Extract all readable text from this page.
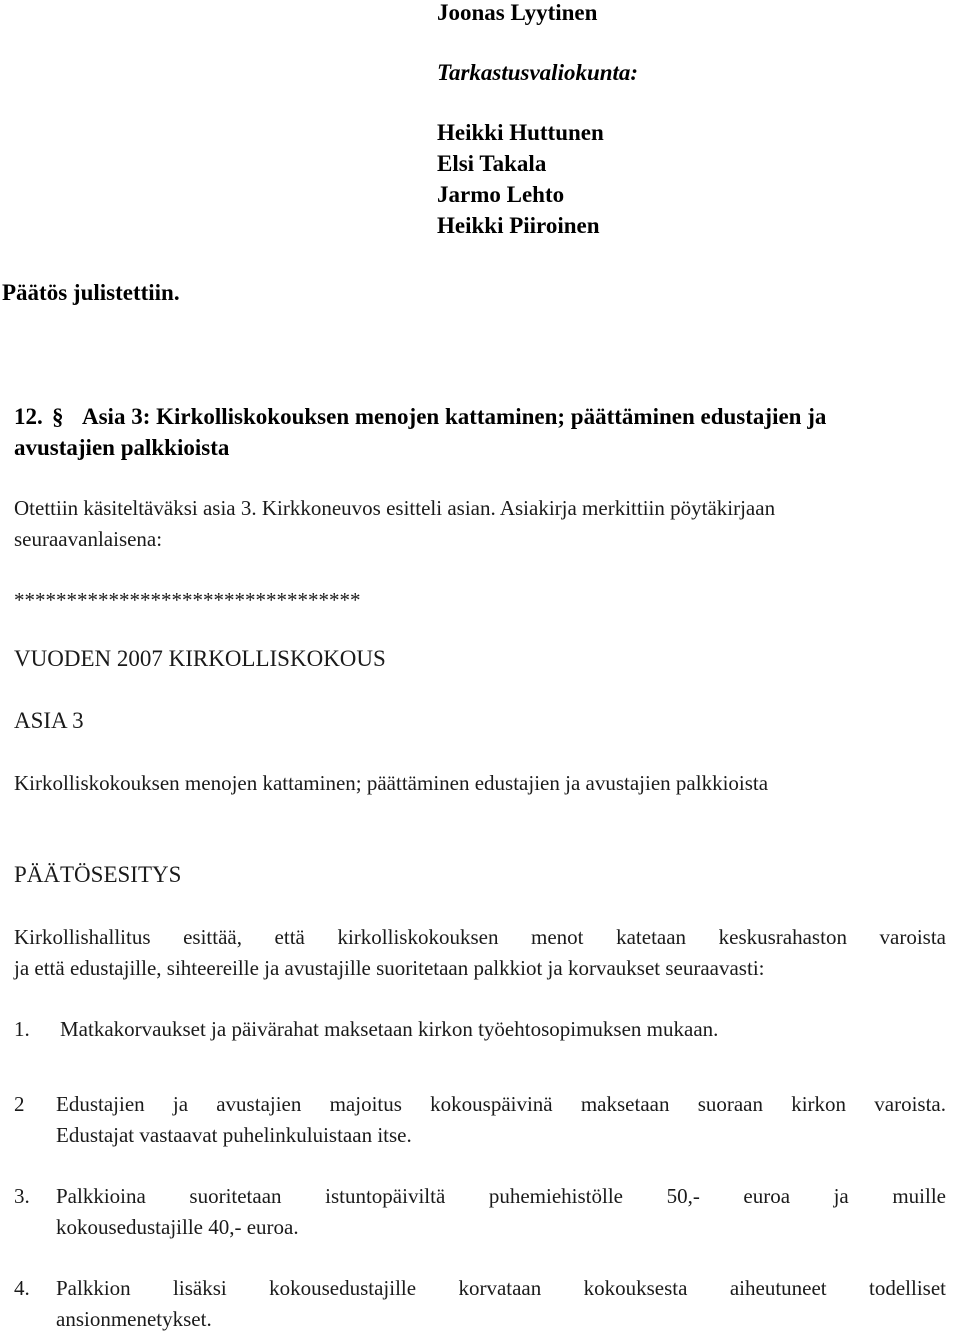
Joonas Lyytinen
Tarkastusvaliokunta:
Heikki Huttunen
Elsi Takala
Jarmo Lehto
Heikki Piiroinen
Päätös julistettiin.
12. § Asia 3: Kirkolliskokouksen menojen kattaminen; päättäminen edustajien ja
avustajien palkkioista
Otettiin käsiteltäväksi asia 3. Kirkkoneuvos esitteli asian. Asiakirja merkittiin pöytäkirjaan
seuraavanlaisena:
*********************************
VUODEN 2007 KIRKOLLISKOKOUS
ASIA 3
Kirkolliskokouksen menojen kattaminen; päättäminen edustajien ja avustajien palkkioista
PÄÄTÖSESITYS
Kirkollishallitus esittää, että kirkolliskokouksen menot katetaan keskusrahaston varoista
ja että edustajille, sihteereille ja avustajille suoritetaan palkkiot ja korvaukset seuraavasti:
1. Matkakorvaukset ja päivärahat maksetaan kirkon työehtosopimuksen mukaan.
2 Edustajien ja avustajien majoitus kokouspäivinä maksetaan suoraan kirkon varoista.
Edustajat vastaavat puhelinkuluistaan itse.
3. Palkkioina suoritetaan istuntopäiviltä puhemiehistölle 50,- euroa ja muille
kokousedustajille 40,- euroa.
4. Palkkion lisäksi kokousedustajille korvataan kokouksesta aiheutuneet todelliset
ansionmenetykset.
